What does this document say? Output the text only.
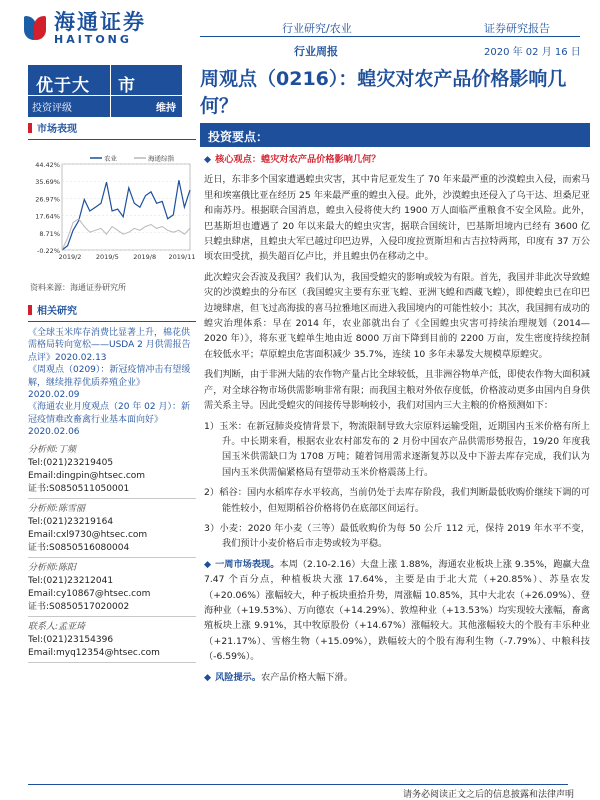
海通证券
HAITONG
行业研究/农业
行业周报
证券研究报告
2020 年 02 月 16 日
优于大 市
投资评级	维持
周观点（0216）：蝗灾对农产品价格影响几何？
市场表现
44.42%
35.69%
26.97%
17.64%
8.71%
-0.22%
2019/2 2019/5 2019/8 2019/11
农业	海通综指
资料来源：海通证券研究所
相关研究
《全球玉米库存消费比显著上升，棉花供需格局转向宽松——USDA 2 月供需报告点评》2020.02.13
《周观点（0209）：新冠疫情冲击有望缓解，继续推荐优质养殖企业》2020.02.09
《海通农业月度观点（20 年 02 月）：新冠疫情难改畜禽行业基本面向好》2020.02.06
分析师:丁频
Tel:(021)23219405
Email:dingpin@htsec.com
证书:S0850511050001
分析师:陈雪丽
Tel:(021)23219164
Email:cxl9730@htsec.com
证书:S0850516080004
分析师:陈阳
Tel:(021)23212041
Email:cy10867@htsec.com
证书:S0850517020002
联系人:孟亚琦
Tel:(021)23154396
Email:myq12354@htsec.com
投资要点：
◆ 核心观点：蝗灾对农产品价格影响几何？
近日，东非多个国家遭遇蝗虫灾害，其中肯尼亚发生了 70 年来最严重的沙漠蝗虫入侵，而索马里和埃塞俄比亚在经历 25 年来最严重的蝗虫入侵。此外，沙漠蝗虫还侵入了乌干达、坦桑尼亚和南苏丹。根据联合国消息，蝗虫入侵将使大约 1900 万人面临严重粮食不安全风险。此外，巴基斯坦也遭遇了 20 年以来最大的蝗虫灾害，据联合国统计，巴基斯坦境内已经有 3600 亿只蝗虫肆虐，且蝗虫大军已越过印巴边界，入侵印度拉贾斯坦和古吉拉特两邦，印度有 37 万公顷农田受扰，损失超百亿卢比，并且蝗虫仍在移动之中。
此次蝗灾会否波及我国？我们认为，我国受蝗灾的影响或较为有限。首先，我国并非此次导致蝗灾的沙漠蝗虫的分布区（我国蝗灾主要有东亚飞蝗、亚洲飞蝗和西藏飞蝗），即使蝗虫已在印巴边境肆虐，但飞过高海拔的喜马拉雅地区而进入我国境内的可能性较小；其次，我国拥有成功的蝗灾治理体系：早在 2014 年，农业部就出台了《全国蝗虫灾害可持续治理规划（2014—2020 年）》，将东亚飞蝗单生地由近 8000 万亩下降到目前的 2200 万亩，发生密度持续控制在较低水平；草原蝗虫危害面积减少 35.7%，连续 10 多年未暴发大规模草原蝗灾。
我们判断，由于非洲大陆的农作物产量占比全球较低，且非洲谷物单产低，即使农作物大面积减产，对全球谷物市场供需影响非常有限；而我国主粮对外依存度低，价格波动更多由国内自身供需关系主导。因此受蝗灾的间接传导影响较小，我们对国内三大主粮的价格预测如下：
1）玉米：在新冠肺炎疫情背景下，物流限制导致大宗原料运输受阻，近期国内玉米价格有所上升。中长期来看，根据农业农村部发布的 2 月份中国农产品供需形势报告，19/20 年度我国玉米供需缺口为 1708 万吨；随着饲用需求逐渐复苏以及中下游去库存完成，我们认为国内玉米供需偏紧格局有望带动玉米价格震荡上行。
2）稻谷：国内水稻库存水平较高，当前仍处于去库存阶段，我们判断最低收购价继续下调的可能性较小，但短期稻谷价格将仍在底部区间运行。
3）小麦：2020 年小麦（三等）最低收购价为每 50 公斤 112 元，保持 2019 年水平不变，我们预计小麦价格后市走势或较为平稳。
◆ 一周市场表现。本周（2.10-2.16）大盘上涨 1.88%，海通农业板块上涨 9.35%，跑赢大盘 7.47 个百分点，种植板块大涨 17.64%，主要是由于北大荒（+20.85%）、苏垦农发（+20.06%）涨幅较大，种子板块重拾升势，周涨幅 10.85%，其中大北农（+26.09%）、登海种业（+19.53%）、万向德农（+14.29%）、敦煌种业（+13.53%）均实现较大涨幅，畜禽殖板块上涨 9.91%，其中牧原股份（+14.67%）涨幅较大。其他涨幅较大的个股有丰乐种业（+21.17%）、雪榕生物（+15.09%），跌幅较大的个股有海利生物（-7.79%）、中粮科技（-6.59%）。
◆ 风险提示。农产品价格大幅下滑。
请务必阅读正文之后的信息披露和法律声明
